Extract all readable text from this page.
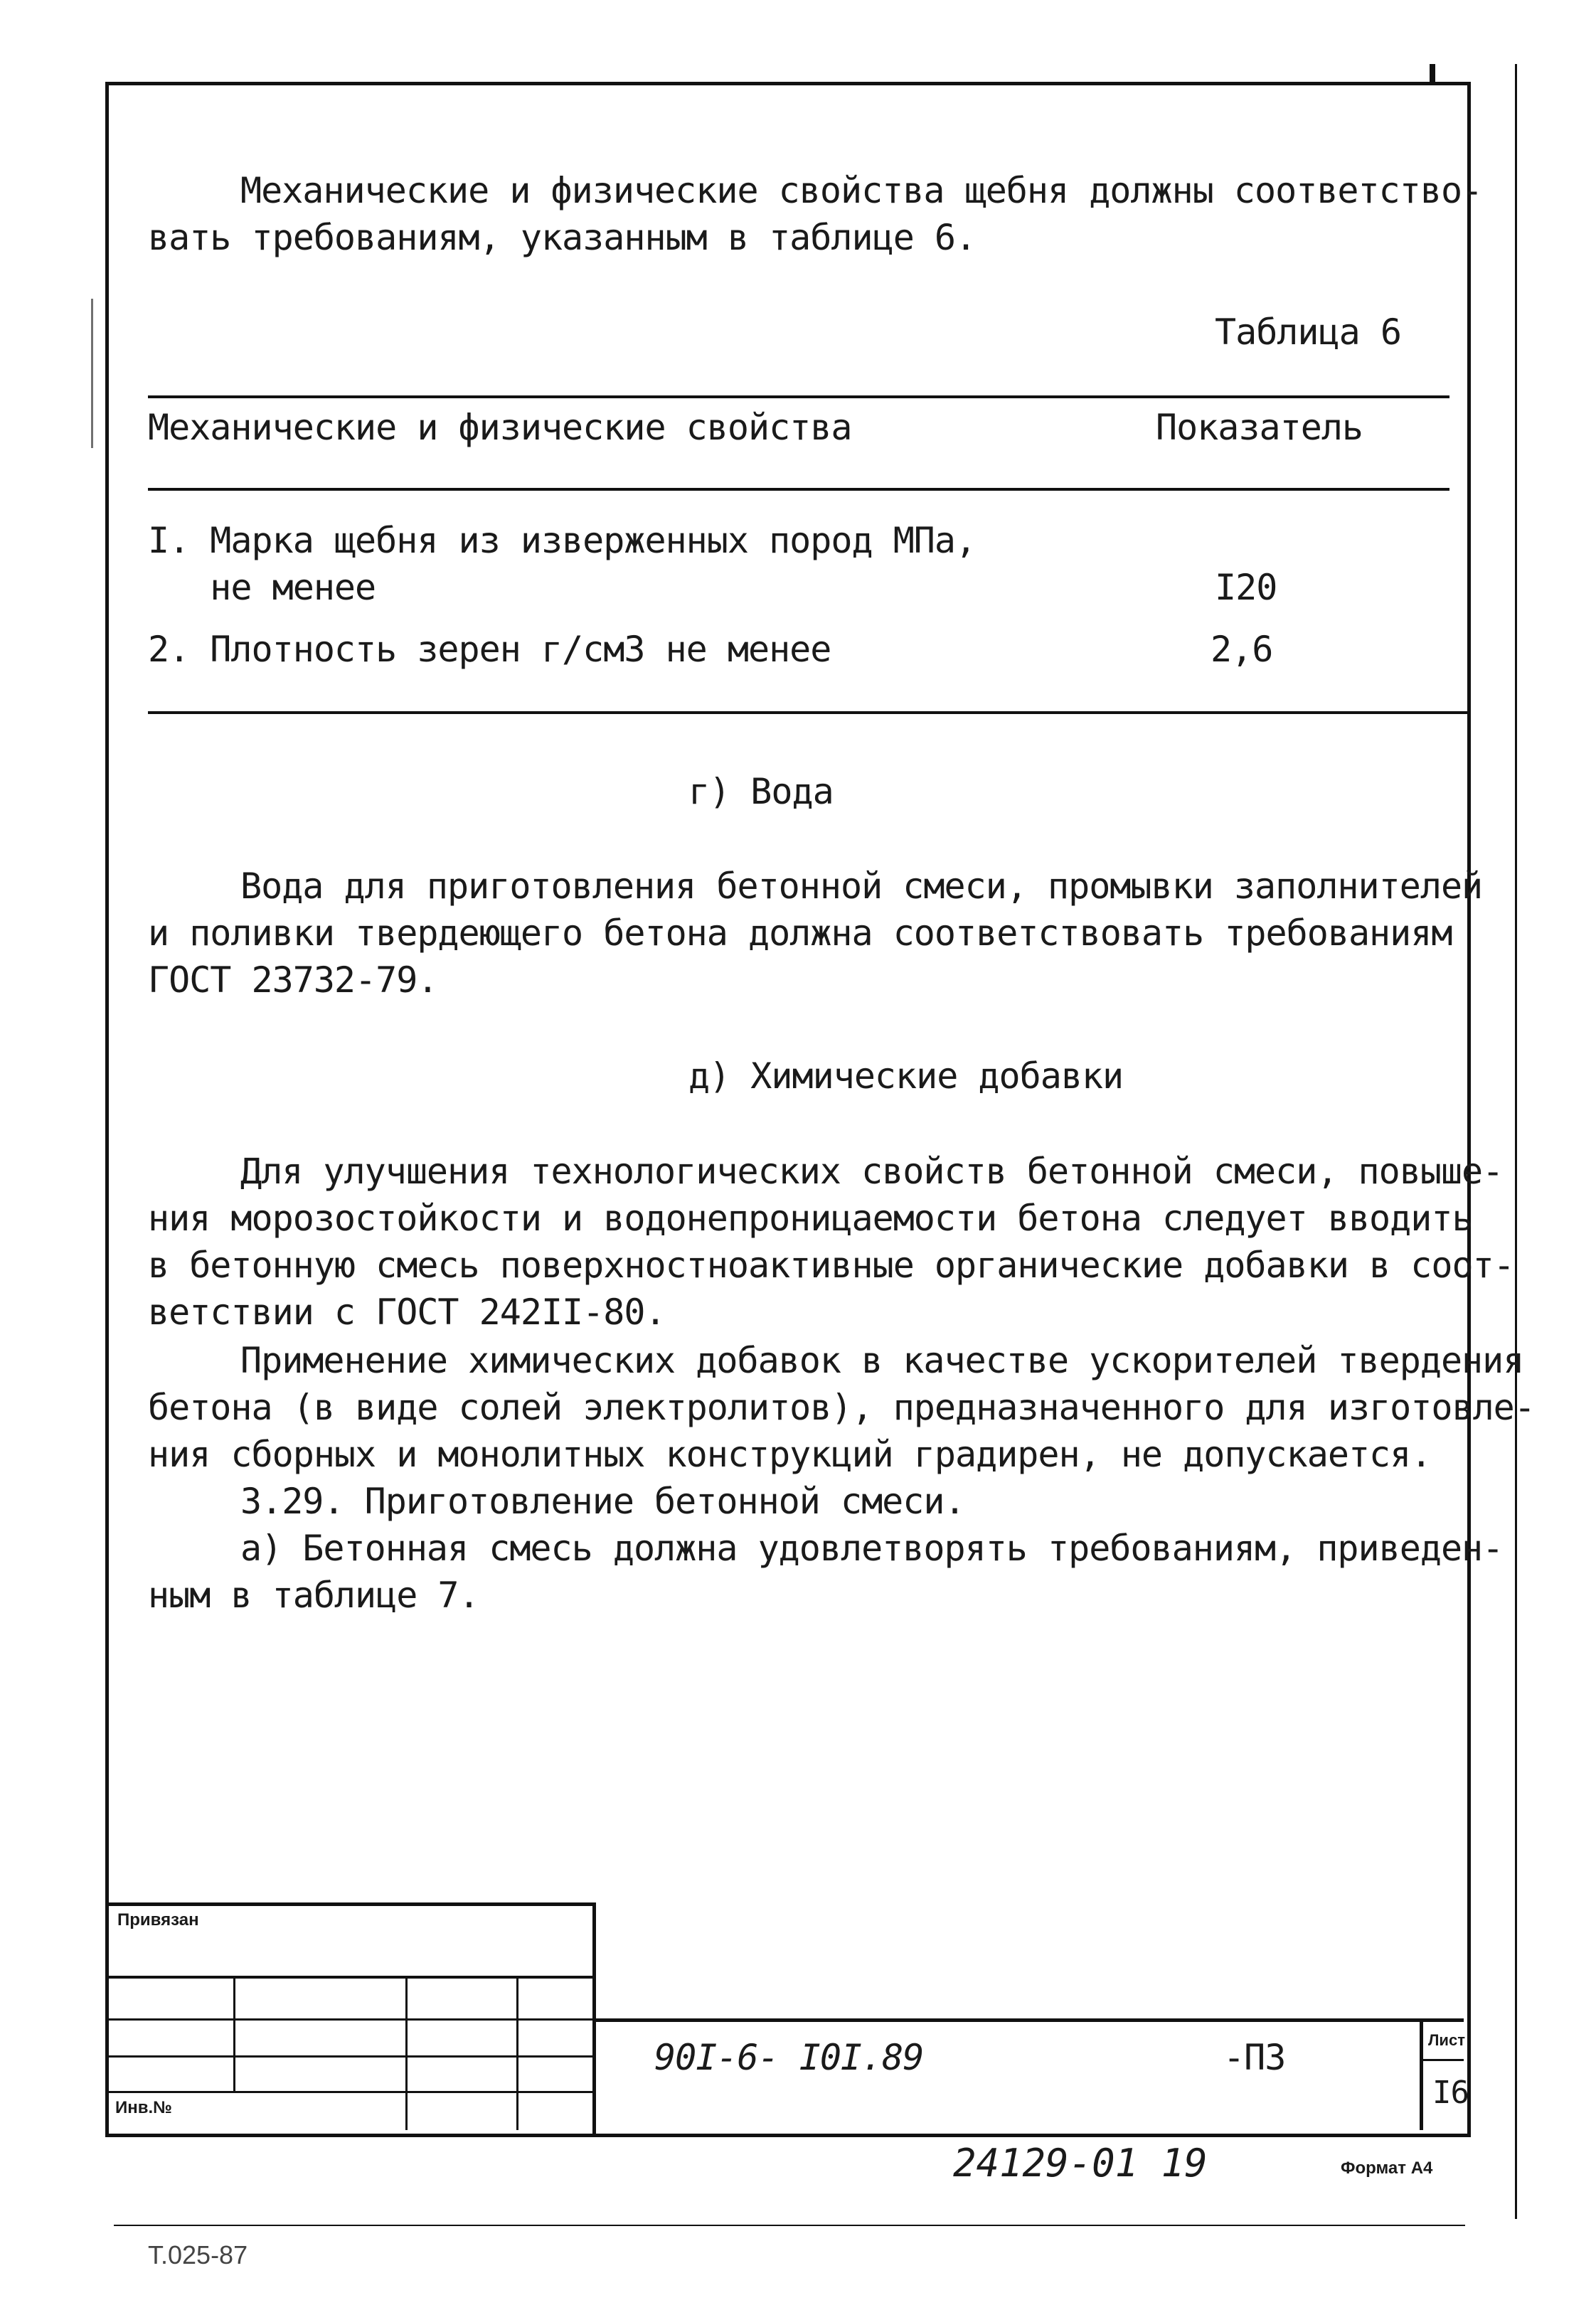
Механические и физические свойства щебня должны соответство-

вать требованиям, указанным в таблице 6.

Таблица 6
Механические и физические свойства	Показатель
I. Марка щебня из изверженных пород МПа,
не менее	I20
2. Плотность зерен г/см3 не менее	2,6
г) Вода

Вода для приготовления бетонной смеси, промывки заполнителей

и поливки твердеющего бетона должна соответствовать требованиям

ГОСТ 23732-79.

д) Химические добавки

Для улучшения технологических свойств бетонной смеси, повыше-

ния морозостойкости и водонепроницаемости бетона следует вводить

в бетонную смесь поверхностноактивные органические добавки в соот-

ветствии с ГОСТ 242II-80.

Применение химических добавок в качестве ускорителей твердения

бетона (в виде солей электролитов), предназначенного для изготовле-

ния сборных и монолитных конструкций градирен, не допускается.

3.29. Приготовление бетонной смеси.

а) Бетонная смесь должна удовлетворять требованиям, приведен-

ным в таблице 7.

Привязан
Инв.№
90I-6- I0I.89	-ПЗ	Лист
I6
24129-01 19	Формат А4
Т.025-87
